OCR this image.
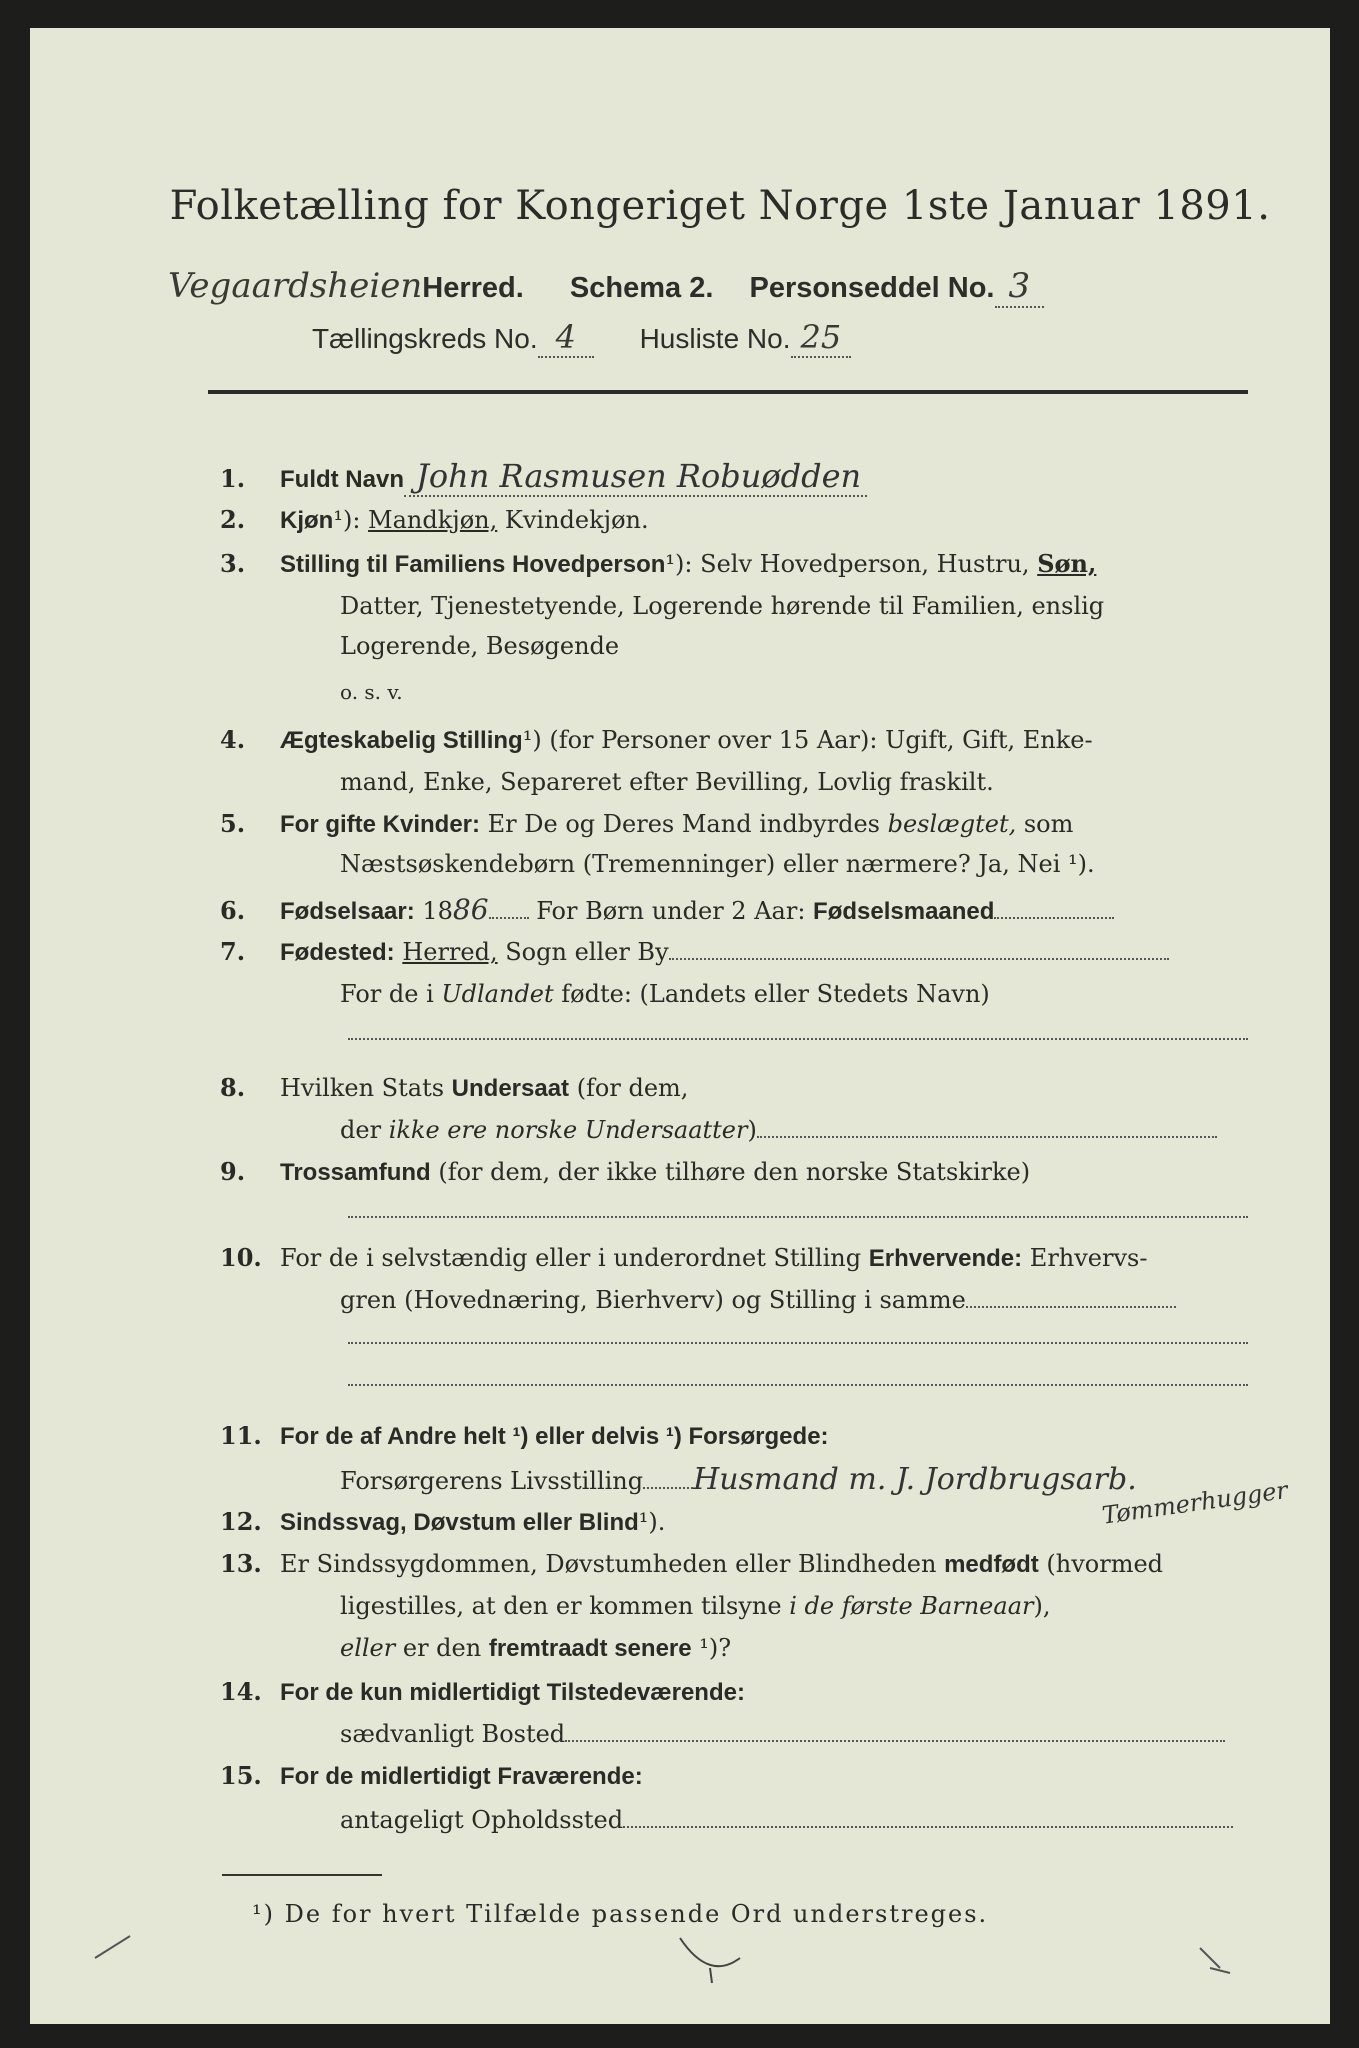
Folketælling for Kongeriget Norge 1ste Januar 1891.
VegaardsheienHerred. Schema 2. Personseddel No. 3
Tællingskreds No. 4 Husliste No. 25
1. Fuldt Navn John Rasmusen Robuødden
2. Kjøn¹): Mandkjøn, Kvindekjøn.
3. Stilling til Familiens Hovedperson¹): Selv Hovedperson, Hustru, Søn,
Datter, Tjenestetyende, Logerende hørende til Familien, enslig
Logerende, Besøgende
o. s. v.
4. Ægteskabelig Stilling¹) (for Personer over 15 Aar): Ugift, Gift, Enke-
mand, Enke, Separeret efter Bevilling, Lovlig fraskilt.
5. For gifte Kvinder: Er De og Deres Mand indbyrdes beslægtet, som
Næstsøskendebørn (Tremenninger) eller nærmere? Ja, Nei ¹).
6. Fødselsaar: 1886 For Børn under 2 Aar: Fødselsmaaned
7. Fødested: Herred, Sogn eller By
For de i Udlandet fødte: (Landets eller Stedets Navn)
8. Hvilken Stats Undersaat (for dem,
der ikke ere norske Undersaatter)
9. Trossamfund (for dem, der ikke tilhøre den norske Statskirke)
10. For de i selvstændig eller i underordnet Stilling Erhvervende: Erhvervs-
gren (Hovednæring, Bierhverv) og Stilling i samme
11. For de af Andre helt ¹) eller delvis ¹) Forsørgede:
Forsørgerens Livsstilling Husmand m. J. Jordbrugsarb.
Tømmerhugger
12. Sindssvag, Døvstum eller Blind¹).
13. Er Sindssygdommen, Døvstumheden eller Blindheden medfødt (hvormed
ligestilles, at den er kommen tilsyne i de første Barneaar),
eller er den fremtraadt senere ¹)?
14. For de kun midlertidigt Tilstedeværende:
sædvanligt Bosted
15. For de midlertidigt Fraværende:
antageligt Opholdssted
¹) De for hvert Tilfælde passende Ord understreges.
